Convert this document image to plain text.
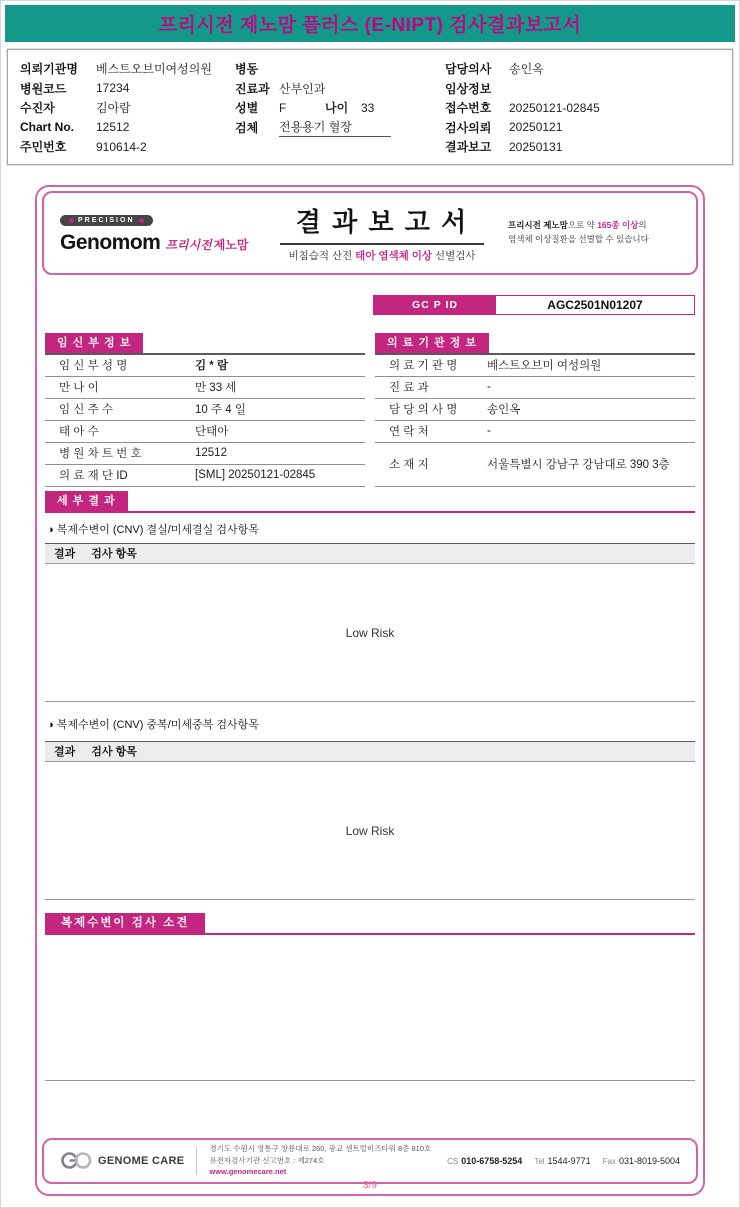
프리시전 제노맘 플러스 (E-NIPT) 검사결과보고서
의뢰기관명	베스트오브미여성의원
병원코드	17234
수진자	김아람
Chart No.	12512
주민번호	910614-2
병동
진료과 산부인과
성별	F	나이	33
검체	전용용기 혈장
담당의사	송인옥
임상정보
접수번호	20250121-02845
검사의뢰	20250121
결과보고	20250131
PRECISION
Genomom 프리시전 제노맘
결 과 보 고 서
비침습적 산전 태아 염색체 이상 선별검사
프리시전 제노맘으로 약 165종 이상의
염색체 이상질환을 선별할 수 있습니다
GC P ID	AGC2501N01207
임 신 부 정 보
임 신 부 성 명	김 * 람
만 나 이	만 33 세
임 신 주 수	10 주 4 일
태 아 수	단태아
병 원 차 트 번 호	12512
의 료 재 단 ID	[SML] 20250121-02845
의 료 기 관 정 보
의 료 기 관 명	베스트오브미 여성의원
진 료 과	-
담 당 의 사 명	송인옥
연 락 처	-
소 재 지	서울특별시 강남구 강남대로 390 3층
세 부 결 과
◑ 복제수변이 (CNV) 결실/미세결실 검사항목
결과 검사 항목
Low Risk
◑ 복제수변이 (CNV) 중복/미세중복 검사항목
결과 검사 항목
Low Risk
복제수변이 검사 소견
GENOME CARE
경기도 수원시 영통구 창룡대로 260, 광교 센트럴비즈타워 8층 810호
유전자검사기관 신고번호 : 제274호
www.genomecare.net
CS 010-6758-5254 Tel 1544-9771 Fax 031-8019-5004
3/9
